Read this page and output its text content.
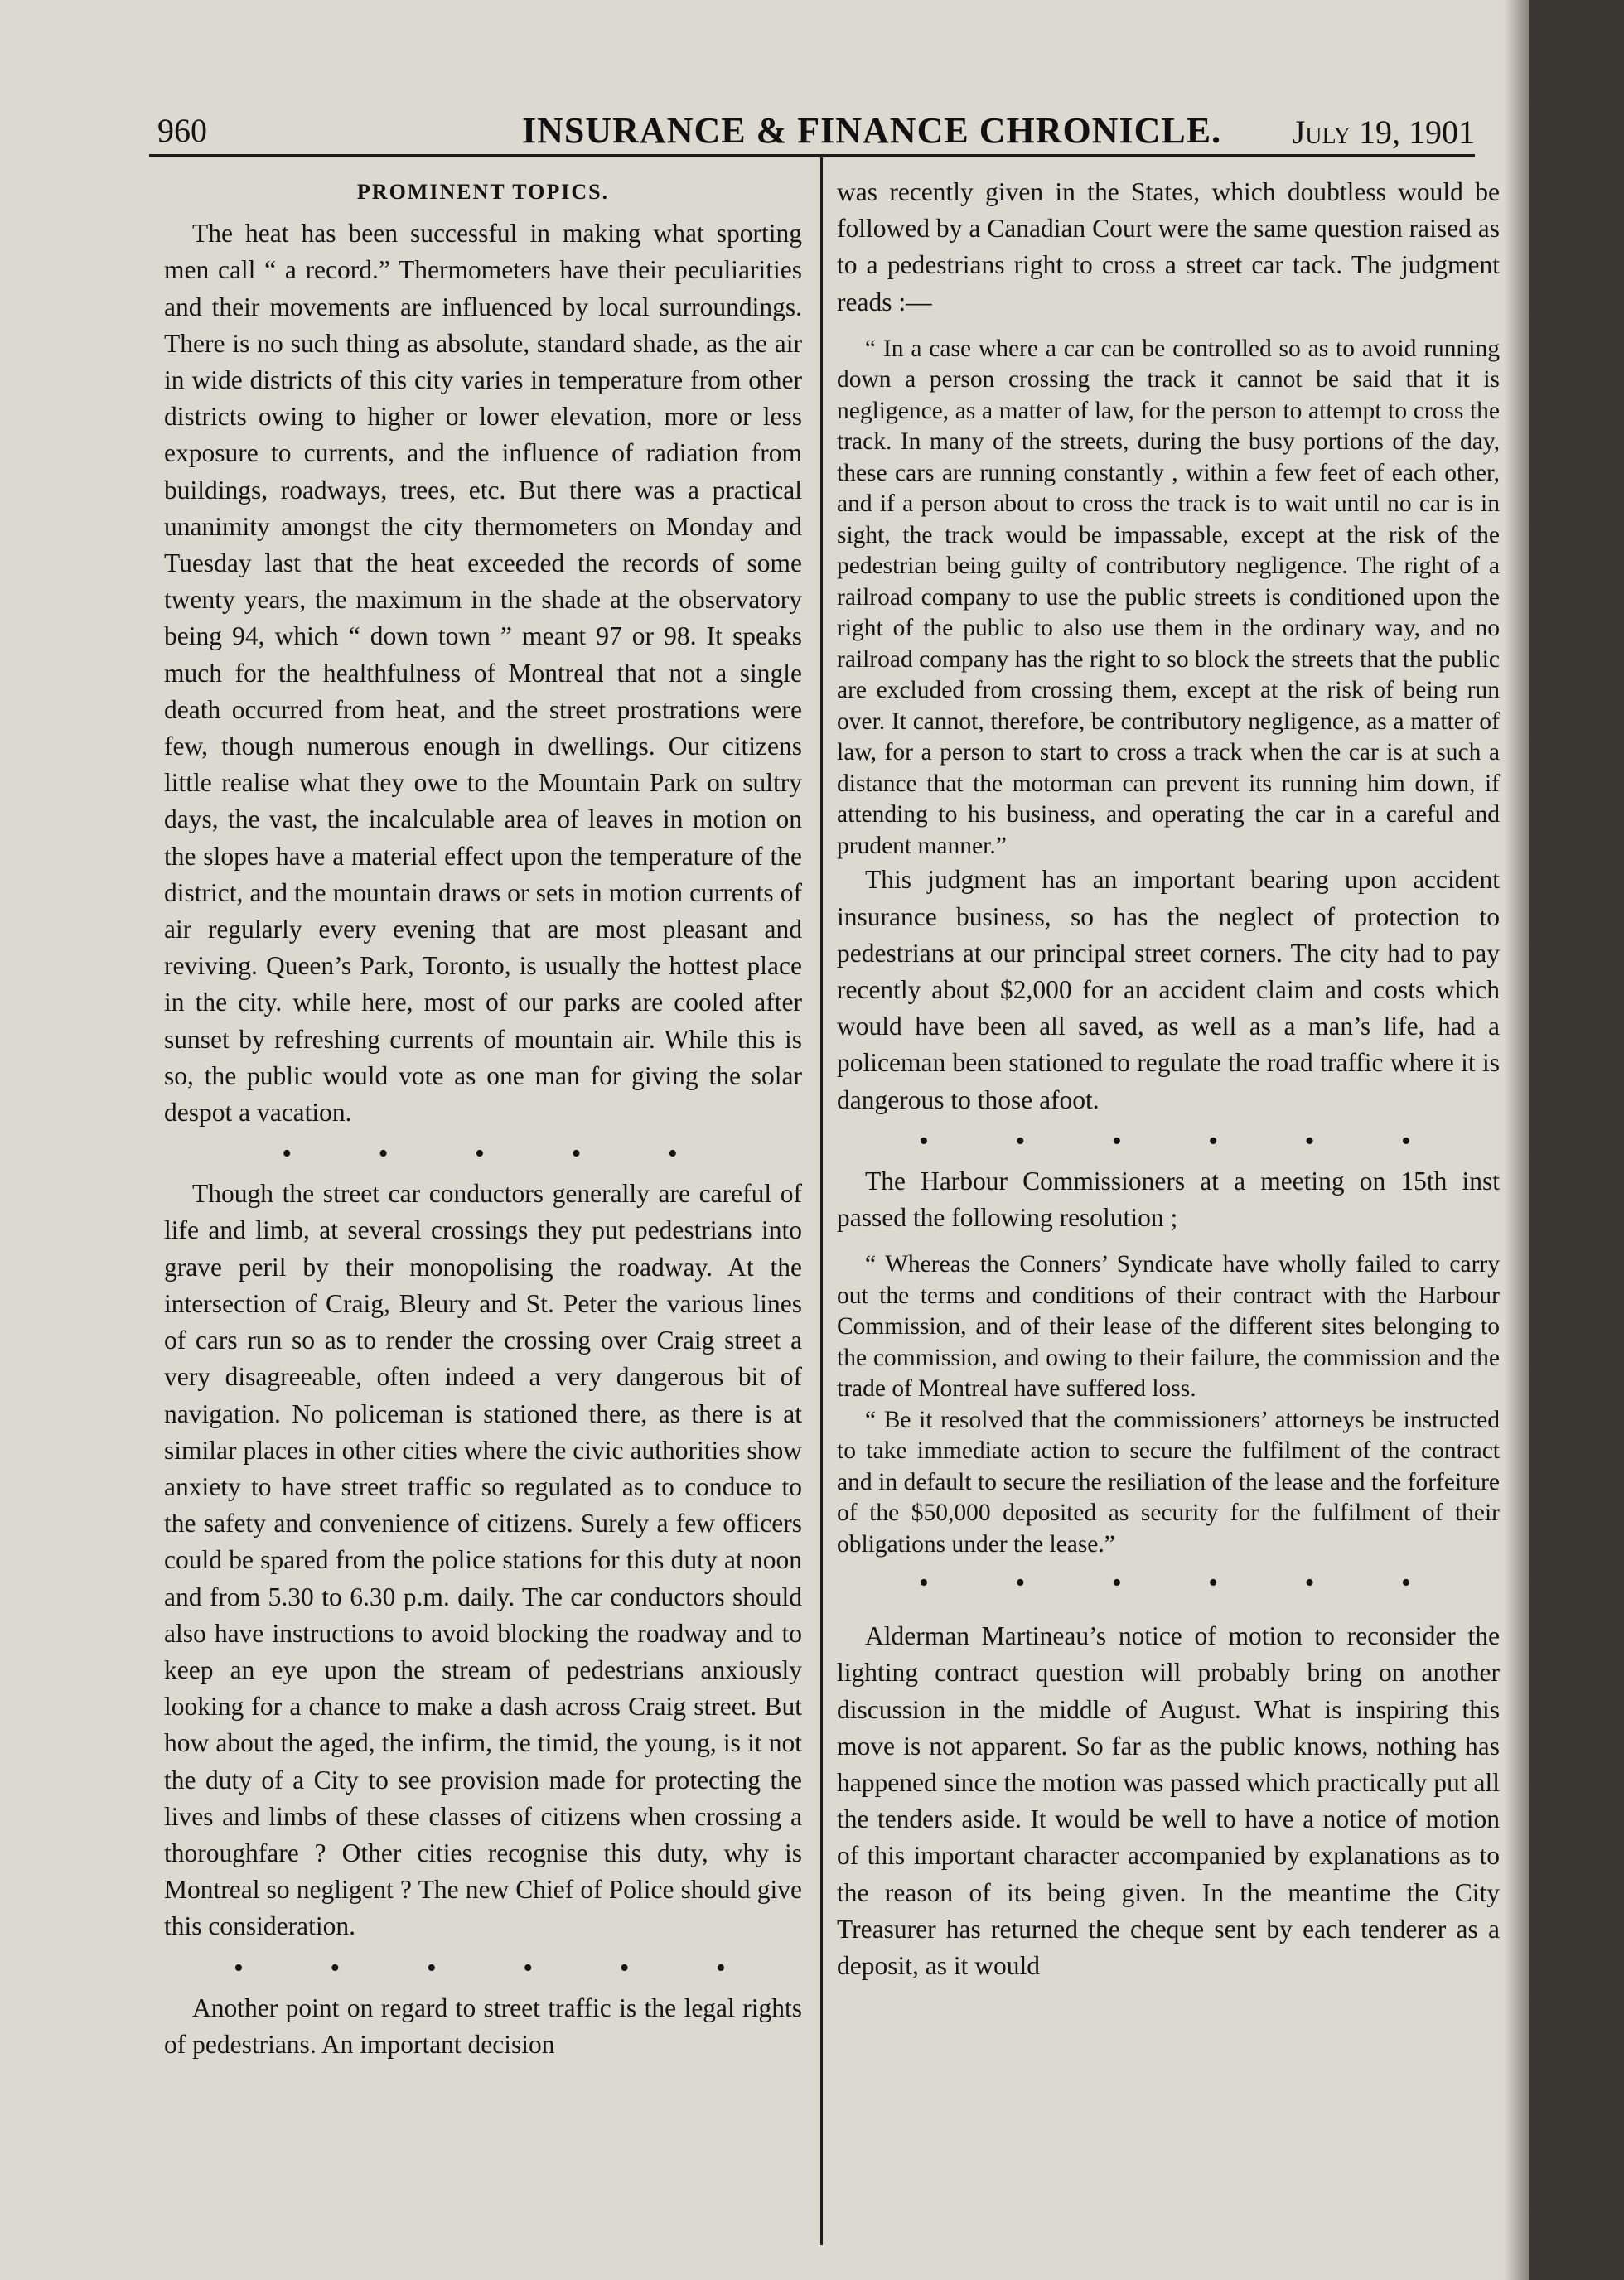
960	INSURANCE & FINANCE CHRONICLE. July 19, 1901
PROMINENT TOPICS.

The heat has been successful in making what sporting men call “ a record.” Thermometers have their peculiarities and their movements are influenced by local surroundings. There is no such thing as absolute, standard shade, as the air in wide districts of this city varies in temperature from other districts owing to higher or lower elevation, more or less exposure to currents, and the influence of radiation from buildings, roadways, trees, etc. But there was a practical unanimity amongst the city thermometers on Monday and Tuesday last that the heat exceeded the records of some twenty years, the maximum in the shade at the observatory being 94, which “ down town ” meant 97 or 98. It speaks much for the healthfulness of Montreal that not a single death occurred from heat, and the street prostrations were few, though numerous enough in dwellings. Our citizens little realise what they owe to the Mountain Park on sultry days, the vast, the incalculable area of leaves in motion on the slopes have a material effect upon the temperature of the district, and the mountain draws or sets in motion currents of air regularly every evening that are most pleasant and reviving. Queen’s Park, Toronto, is usually the hottest place in the city. while here, most of our parks are cooled after sunset by refreshing currents of mountain air. While this is so, the public would vote as one man for giving the solar despot a vacation.

• • • • •

Though the street car conductors generally are careful of life and limb, at several crossings they put pedestrians into grave peril by their monopolising the roadway. At the intersection of Craig, Bleury and St. Peter the various lines of cars run so as to render the crossing over Craig street a very disagreeable, often indeed a very dangerous bit of navigation. No policeman is stationed there, as there is at similar places in other cities where the civic authorities show anxiety to have street traffic so regulated as to conduce to the safety and convenience of citizens. Surely a few officers could be spared from the police stations for this duty at noon and from 5.30 to 6.30 p.m. daily. The car conductors should also have instructions to avoid blocking the roadway and to keep an eye upon the stream of pedestrians anxiously looking for a chance to make a dash across Craig street. But how about the aged, the infirm, the timid, the young, is it not the duty of a City to see provision made for protecting the lives and limbs of these classes of citizens when crossing a thoroughfare ? Other cities recognise this duty, why is Montreal so negligent ? The new Chief of Police should give this consideration.

• • • • • •

Another point on regard to street traffic is the legal rights of pedestrians. An important decision

was recently given in the States, which doubtless would be followed by a Canadian Court were the same question raised as to a pedestrians right to cross a street car tack. The judgment reads :—

“ In a case where a car can be controlled so as to avoid running down a person crossing the track it cannot be said that it is negligence, as a matter of law, for the person to attempt to cross the track. In many of the streets, during the busy portions of the day, these cars are running constantly , within a few feet of each other, and if a person about to cross the track is to wait until no car is in sight, the track would be impassable, except at the risk of the pedestrian being guilty of contributory negligence. The right of a railroad company to use the public streets is conditioned upon the right of the public to also use them in the ordinary way, and no railroad company has the right to so block the streets that the public are excluded from crossing them, except at the risk of being run over. It cannot, therefore, be contributory negligence, as a matter of law, for a person to start to cross a track when the car is at such a distance that the motorman can prevent its running him down, if attending to his business, and operating the car in a careful and prudent manner.”

This judgment has an important bearing upon accident insurance business, so has the neglect of protection to pedestrians at our principal street corners. The city had to pay recently about $2,000 for an accident claim and costs which would have been all saved, as well as a man’s life, had a policeman been stationed to regulate the road traffic where it is dangerous to those afoot.

• • • • • •

The Harbour Commissioners at a meeting on 15th inst passed the following resolution ;

“ Whereas the Conners’ Syndicate have wholly failed to carry out the terms and conditions of their contract with the Harbour Commission, and of their lease of the different sites belonging to the commission, and owing to their failure, the commission and the trade of Montreal have suffered loss.

“ Be it resolved that the commissioners’ attorneys be instructed to take immediate action to secure the fulfilment of the contract and in default to secure the resiliation of the lease and the forfeiture of the $50,000 deposited as security for the fulfilment of their obligations under the lease.”

• • • • • •

Alderman Martineau’s notice of motion to reconsider the lighting contract question will probably bring on another discussion in the middle of August. What is inspiring this move is not apparent. So far as the public knows, nothing has happened since the motion was passed which practically put all the tenders aside. It would be well to have a notice of motion of this important character accompanied by explanations as to the reason of its being given. In the meantime the City Treasurer has returned the cheque sent by each tenderer as a deposit, as it would
